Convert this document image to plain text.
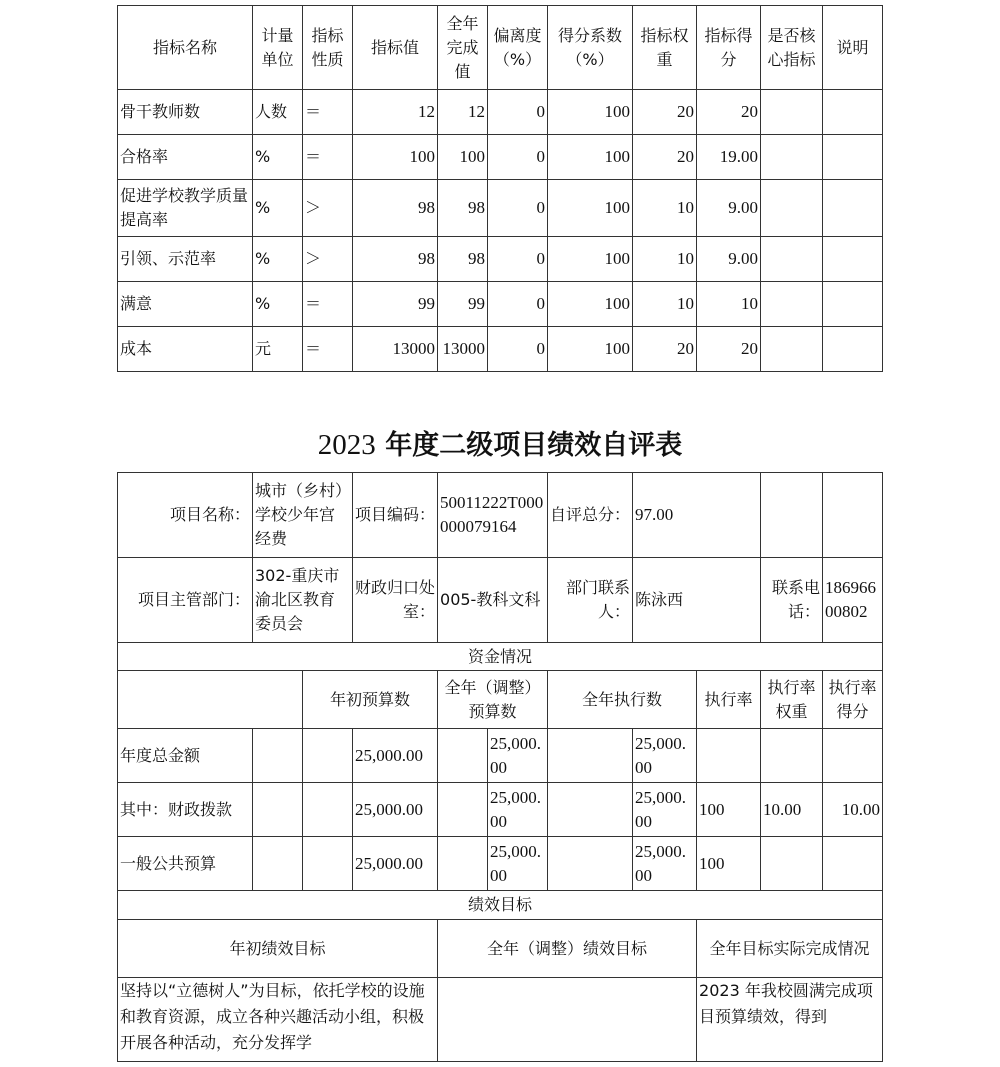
指标名称	计量单位	指标性质	指标值	全年完成值	偏离度（%）	得分系数（%）	指标权重	指标得分	是否核心指标	说明
骨干教师数	人数	＝	12	12	0	100	20	20		
合格率	%	＝	100	100	0	100	20	19.00		
促进学校教学质量提高率	%	＞	98	98	0	100	10	9.00		
引领、示范率	%	＞	98	98	0	100	10	9.00		
满意	%	＝	99	99	0	100	10	10		
成本	元	＝	13000	13000	0	100	20	20		
2023 年度二级项目绩效自评表
项目名称：	城市（乡村）学校少年宫经费		项目编码：	50011222T000000079164		自评总分：	97.00			
项目主管部门：	302-重庆市渝北区教育委员会		财政归口处室：	005-教科文科		部门联系人：	陈泳西		联系电话：	18696600802
资金情况										
		年初预算数		全年（调整）预算数		全年执行数		执行率	执行率权重	执行率得分
年度总金额			25,000.00		25,000.00		25,000.00			
其中：财政拨款			25,000.00		25,000.00		25,000.00	100	10.00	10.00
一般公共预算			25,000.00		25,000.00		25,000.00	100		
绩效目标										
年初绩效目标				全年（调整）绩效目标				全年目标实际完成情况		
坚持以“立德树人”为目标，依托学校的设施和教育资源，成立各种兴趣活动小组，积极开展各种活动，充分发挥学								2023 年我校圆满完成项目预算绩效，得到		
